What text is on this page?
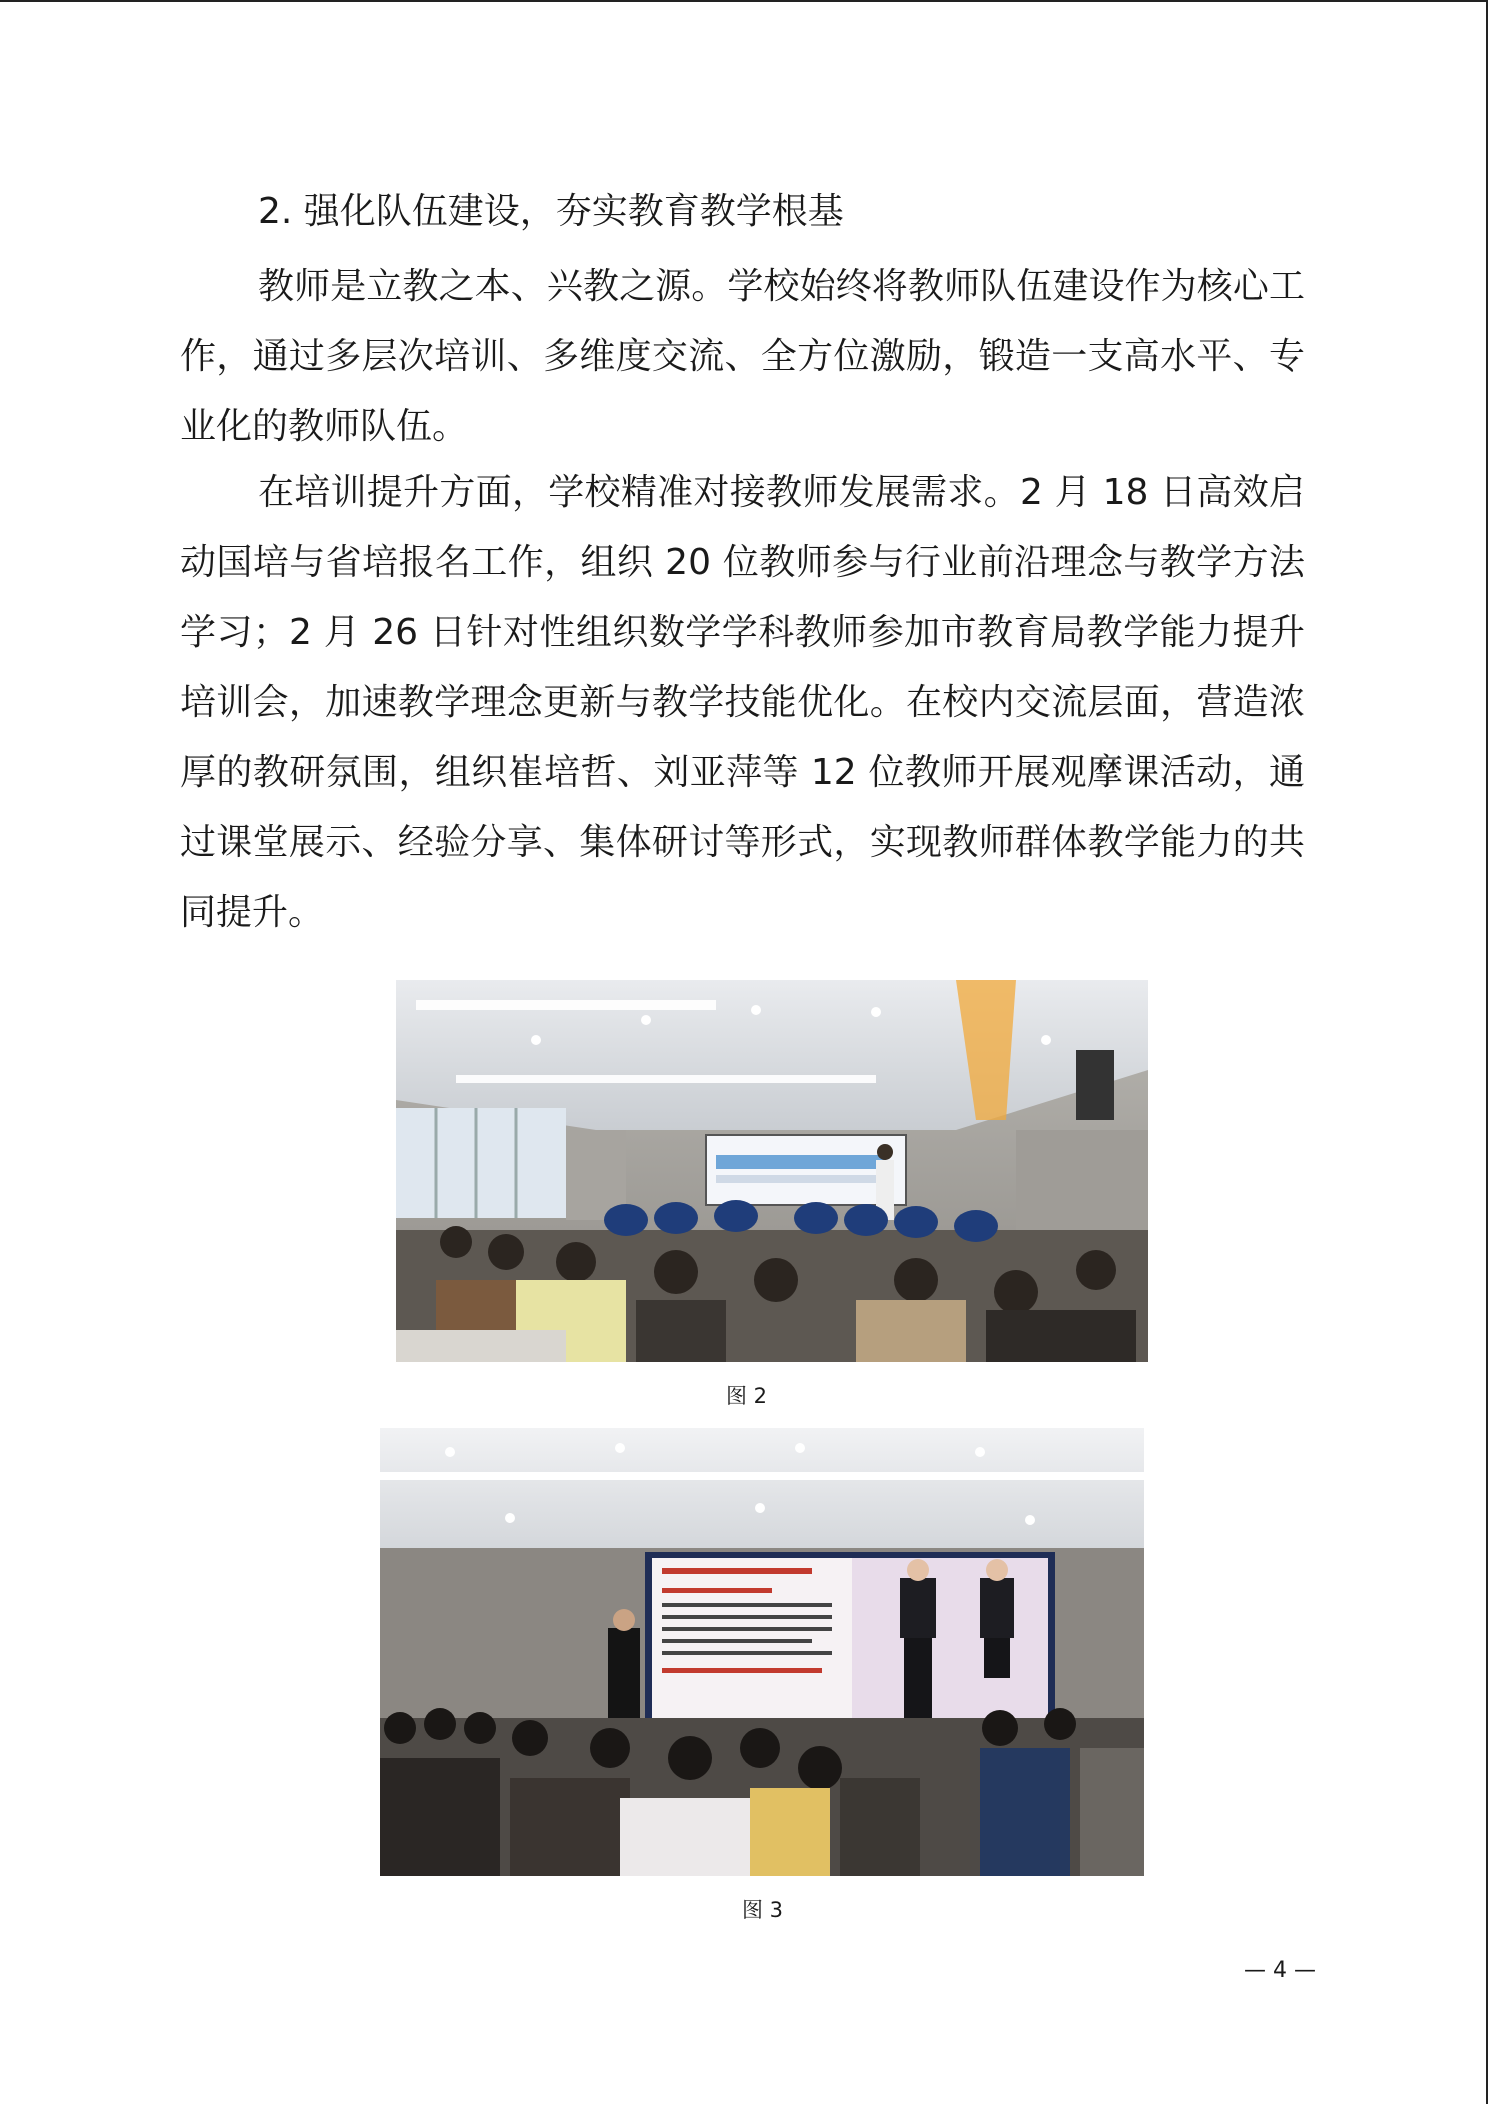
2. 强化队伍建设，夯实教育教学根基
教师是立教之本、兴教之源。学校始终将教师队伍建设作为核心工作，通过多层次培训、多维度交流、全方位激励，锻造一支高水平、专业化的教师队伍。
在培训提升方面，学校精准对接教师发展需求。2 月 18 日高效启动国培与省培报名工作，组织 20 位教师参与行业前沿理念与教学方法学习；2 月 26 日针对性组织数学学科教师参加市教育局教学能力提升培训会，加速教学理念更新与教学技能优化。在校内交流层面，营造浓厚的教研氛围，组织崔培哲、刘亚萍等 12 位教师开展观摩课活动，通过课堂展示、经验分享、集体研讨等形式，实现教师群体教学能力的共同提升。
图 2
图 3
— 4 —
